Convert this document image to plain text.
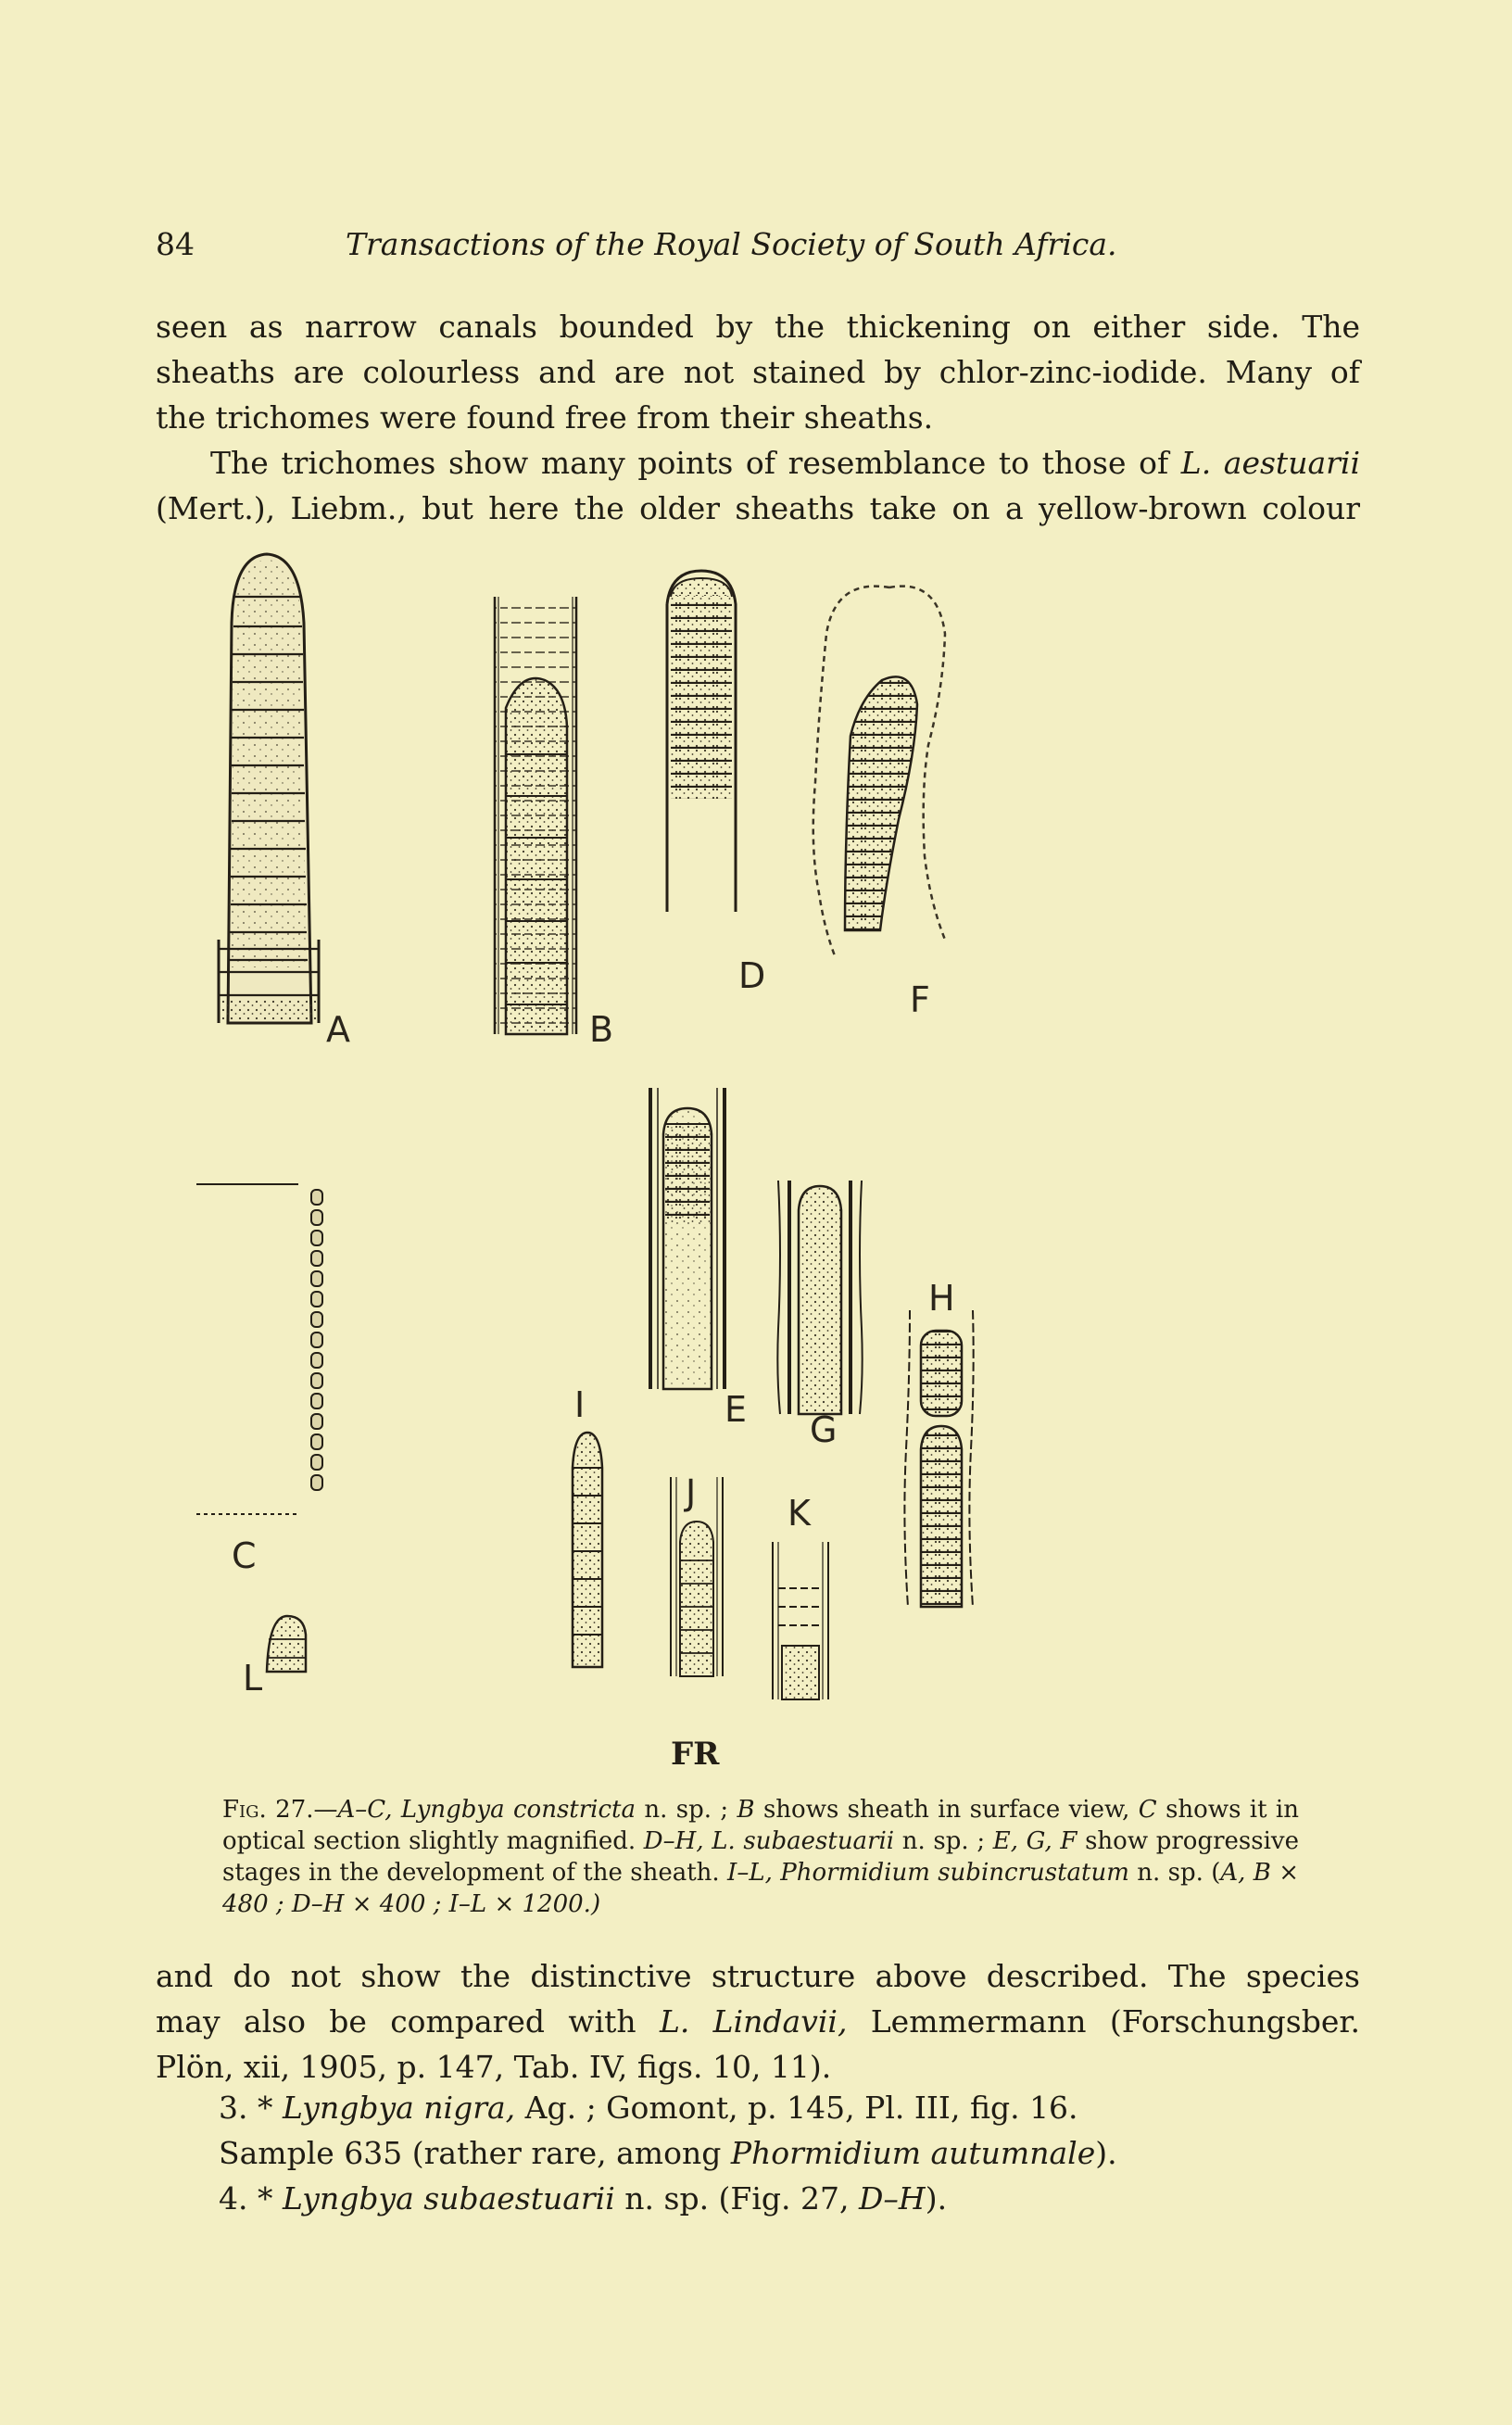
84	Transactions of the Royal Society of South Africa.

seen as narrow canals bounded by the thickening on either side. The

sheaths are colourless and are not stained by chlor-zinc-iodide. Many of

the trichomes were found free from their sheaths.

The trichomes show many points of resemblance to those of L. aestuarii

(Mert.), Liebm., but here the older sheaths take on a yellow-brown colour

A	B
D
F
C
E G
H
I
J	K
L
FR
Fig. 27.—A–C, Lyngbya constricta n. sp. ; B shows sheath in surface view, C shows it in optical section slightly magnified. D–H, L. subaestuarii n. sp. ; E, G, F show progressive stages in the development of the sheath. I–L, Phormidium subincrustatum n. sp. (A, B × 480 ; D–H × 400 ; I–L × 1200.)

and do not show the distinctive structure above described. The species

may also be compared with L. Lindavii, Lemmermann (Forschungsber.

Plön, xii, 1905, p. 147, Tab. IV, figs. 10, 11).

3. * Lyngbya nigra, Ag. ; Gomont, p. 145, Pl. III, fig. 16.
Sample 635 (rather rare, among Phormidium autumnale).
4. * Lyngbya subaestuarii n. sp. (Fig. 27, D–H).
